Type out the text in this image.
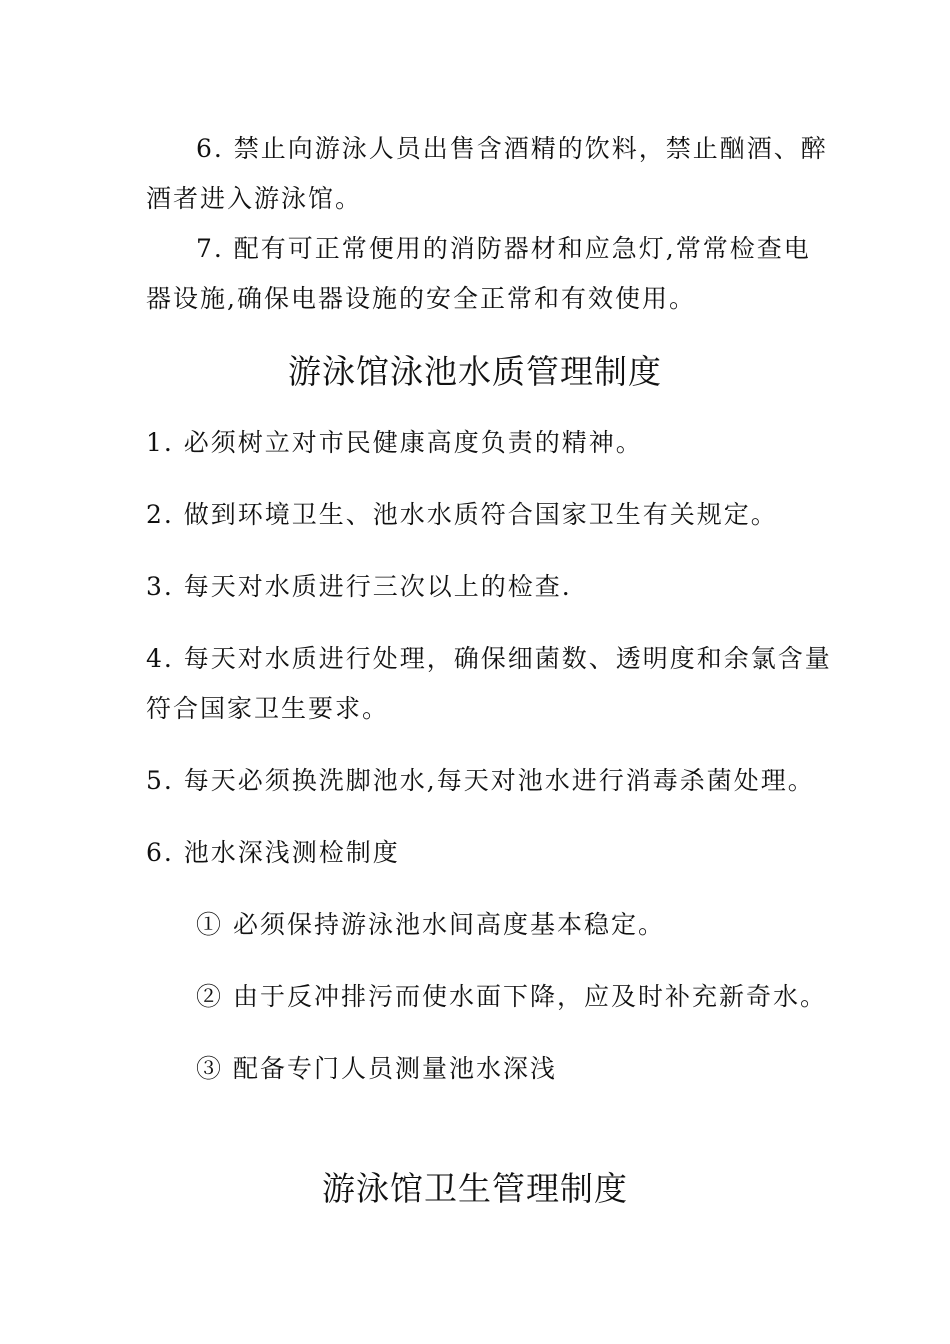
6. 禁止向游泳人员出售含酒精的饮料，禁止酗酒、醉
酒者进入游泳馆。
7. 配有可正常便用的消防器材和应急灯,常常检查电
器设施,确保电器设施的安全正常和有效使用。
游泳馆泳池水质管理制度
1. 必须树立对市民健康高度负责的精神。
2. 做到环境卫生、池水水质符合国家卫生有关规定。
3. 每天对水质进行三次以上的检查.
4. 每天对水质进行处理，确保细菌数、透明度和余氯含量
符合国家卫生要求。
5. 每天必须换洗脚池水,每天对池水进行消毒杀菌处理。
6. 池水深浅测检制度
① 必须保持游泳池水间高度基本稳定。
② 由于反冲排污而使水面下降，应及时补充新奇水。
③ 配备专门人员测量池水深浅
游泳馆卫生管理制度
